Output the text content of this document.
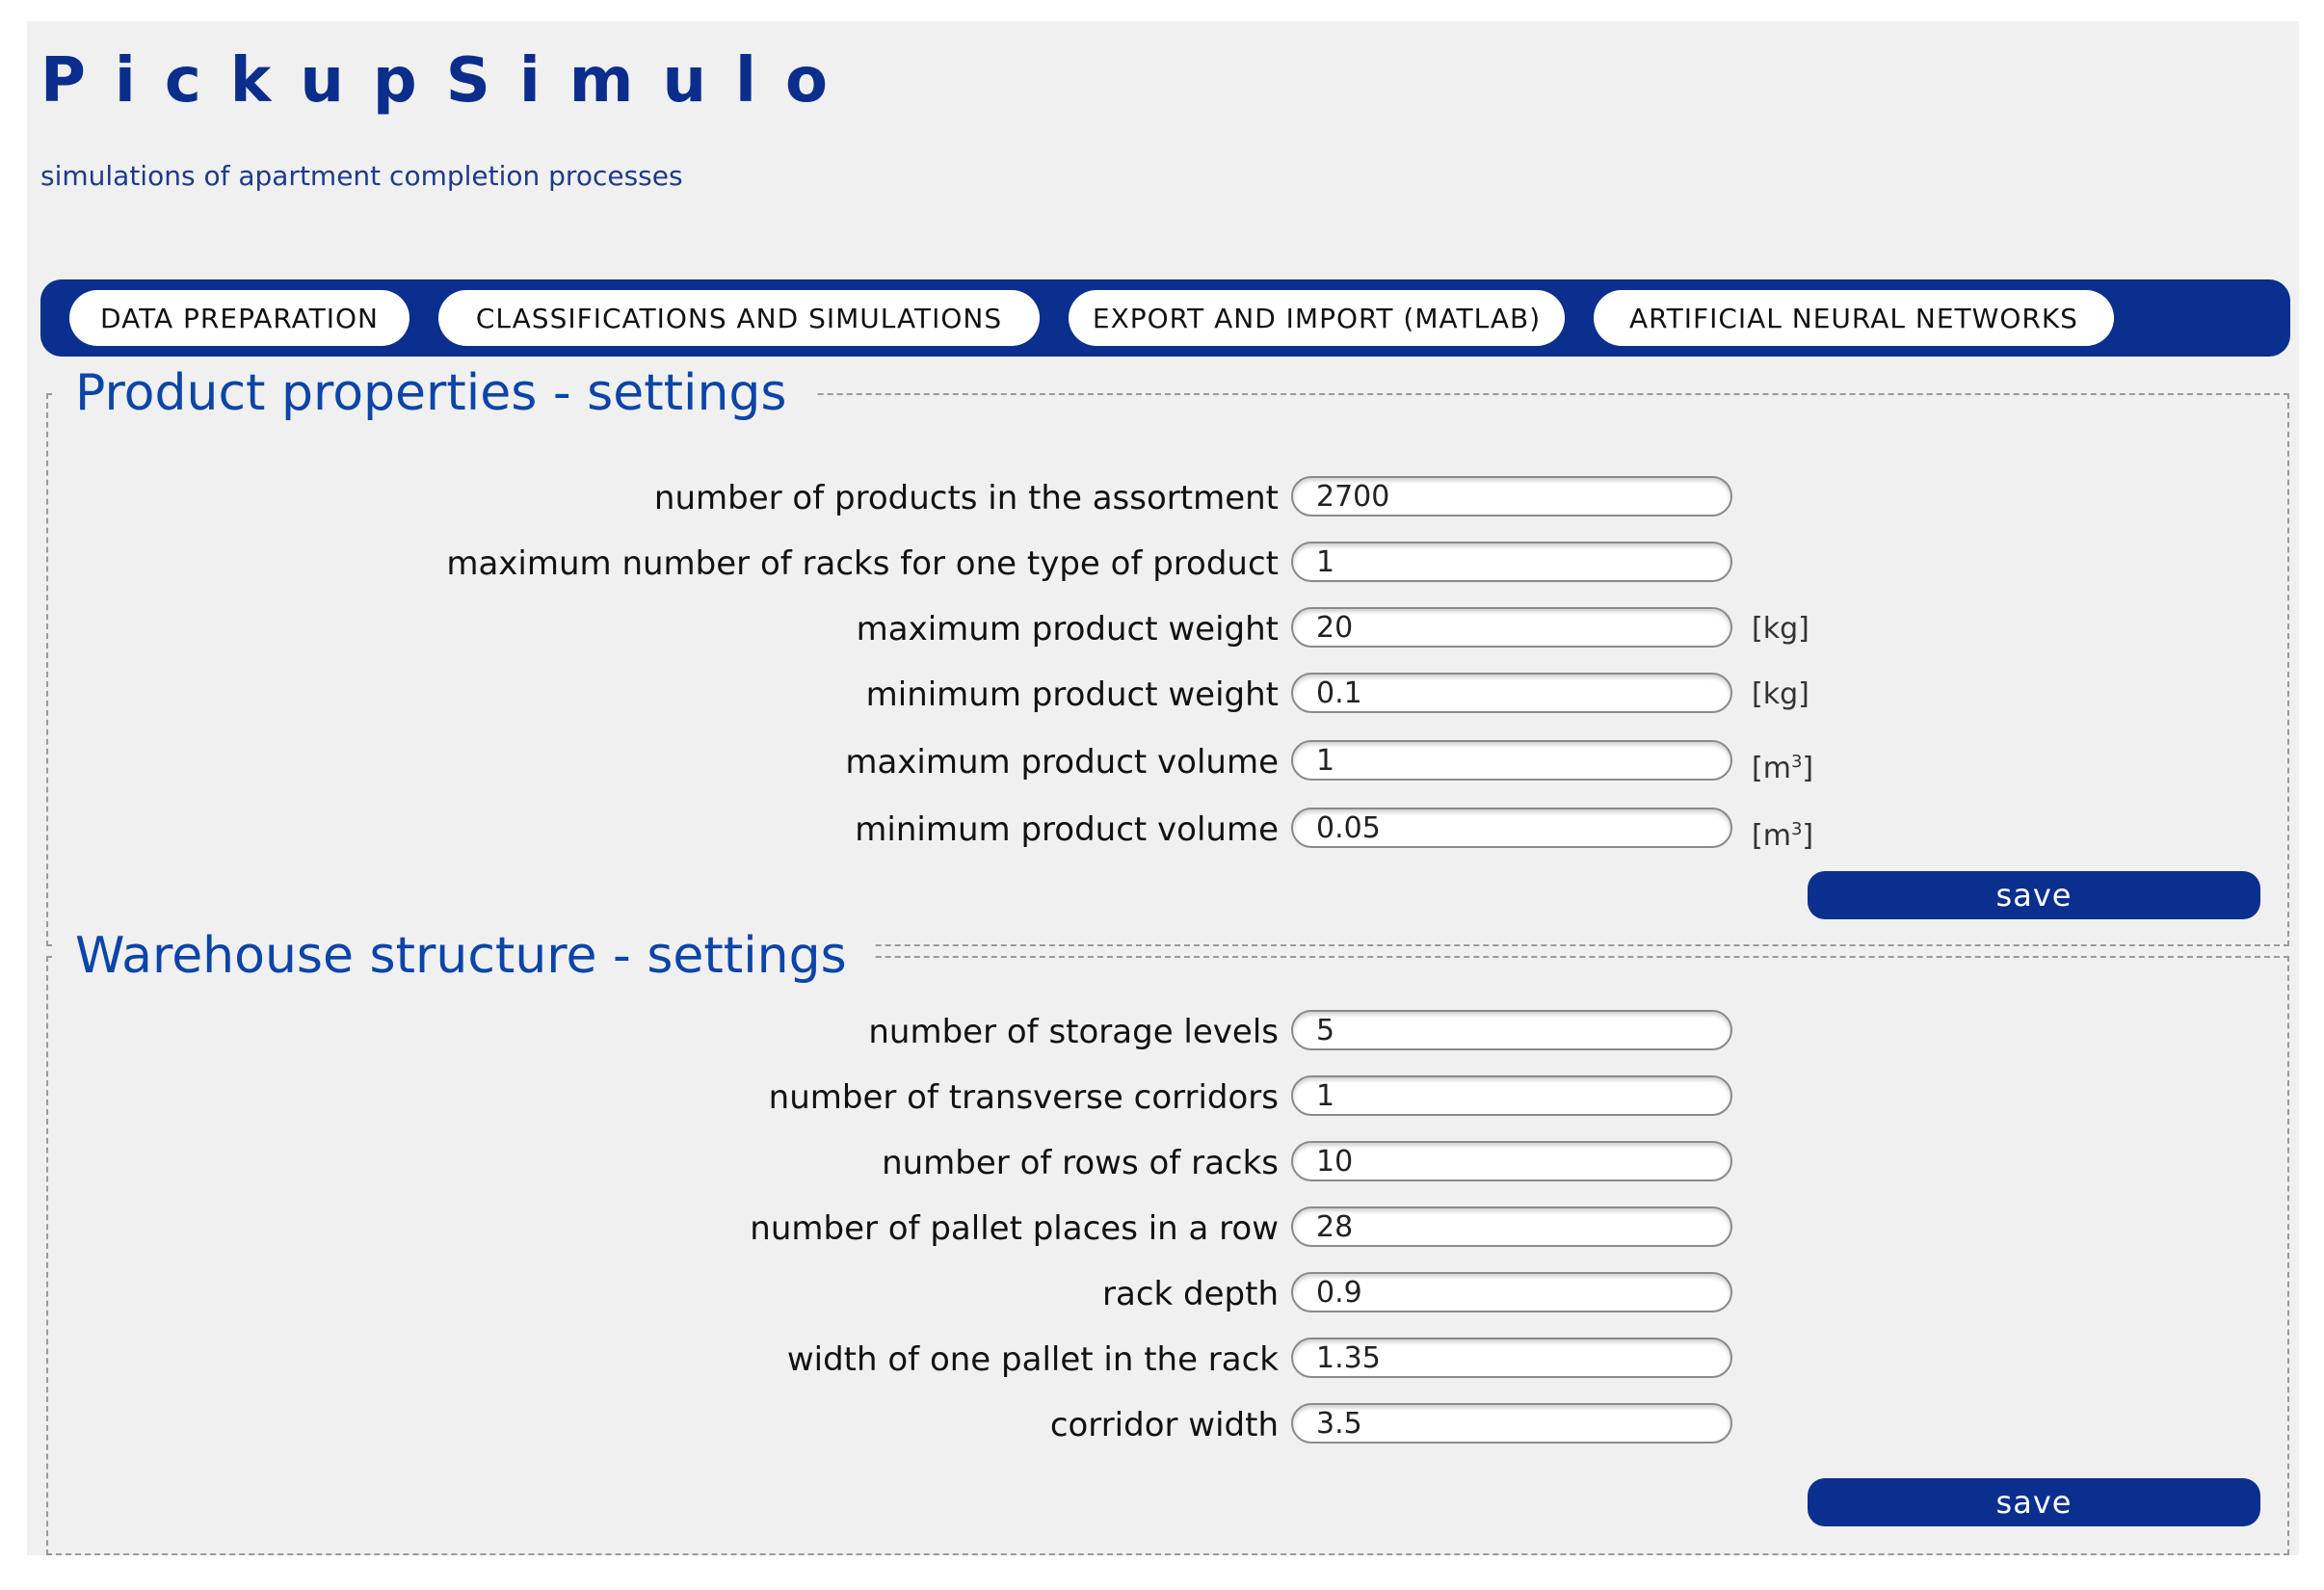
PickupSimulo
simulations of apartment completion processes
DATA PREPARATION	CLASSIFICATIONS AND SIMULATIONS	EXPORT AND IMPORT (MATLAB)	ARTIFICIAL NEURAL NETWORKS
Product properties - settings
number of products in the assortment
2700
maximum number of racks for one type of product
1
maximum product weight
20	[kg]
minimum product weight
0.1	[kg]
maximum product volume
1	$[m^3]$
minimum product volume
0.05	$[m^3]$
save
Warehouse structure - settings
number of storage levels
5
number of transverse corridors
1
number of rows of racks
10
number of pallet places in a row
28
rack depth
0.9
width of one pallet in the rack
1.35
corridor width
3.5
save
